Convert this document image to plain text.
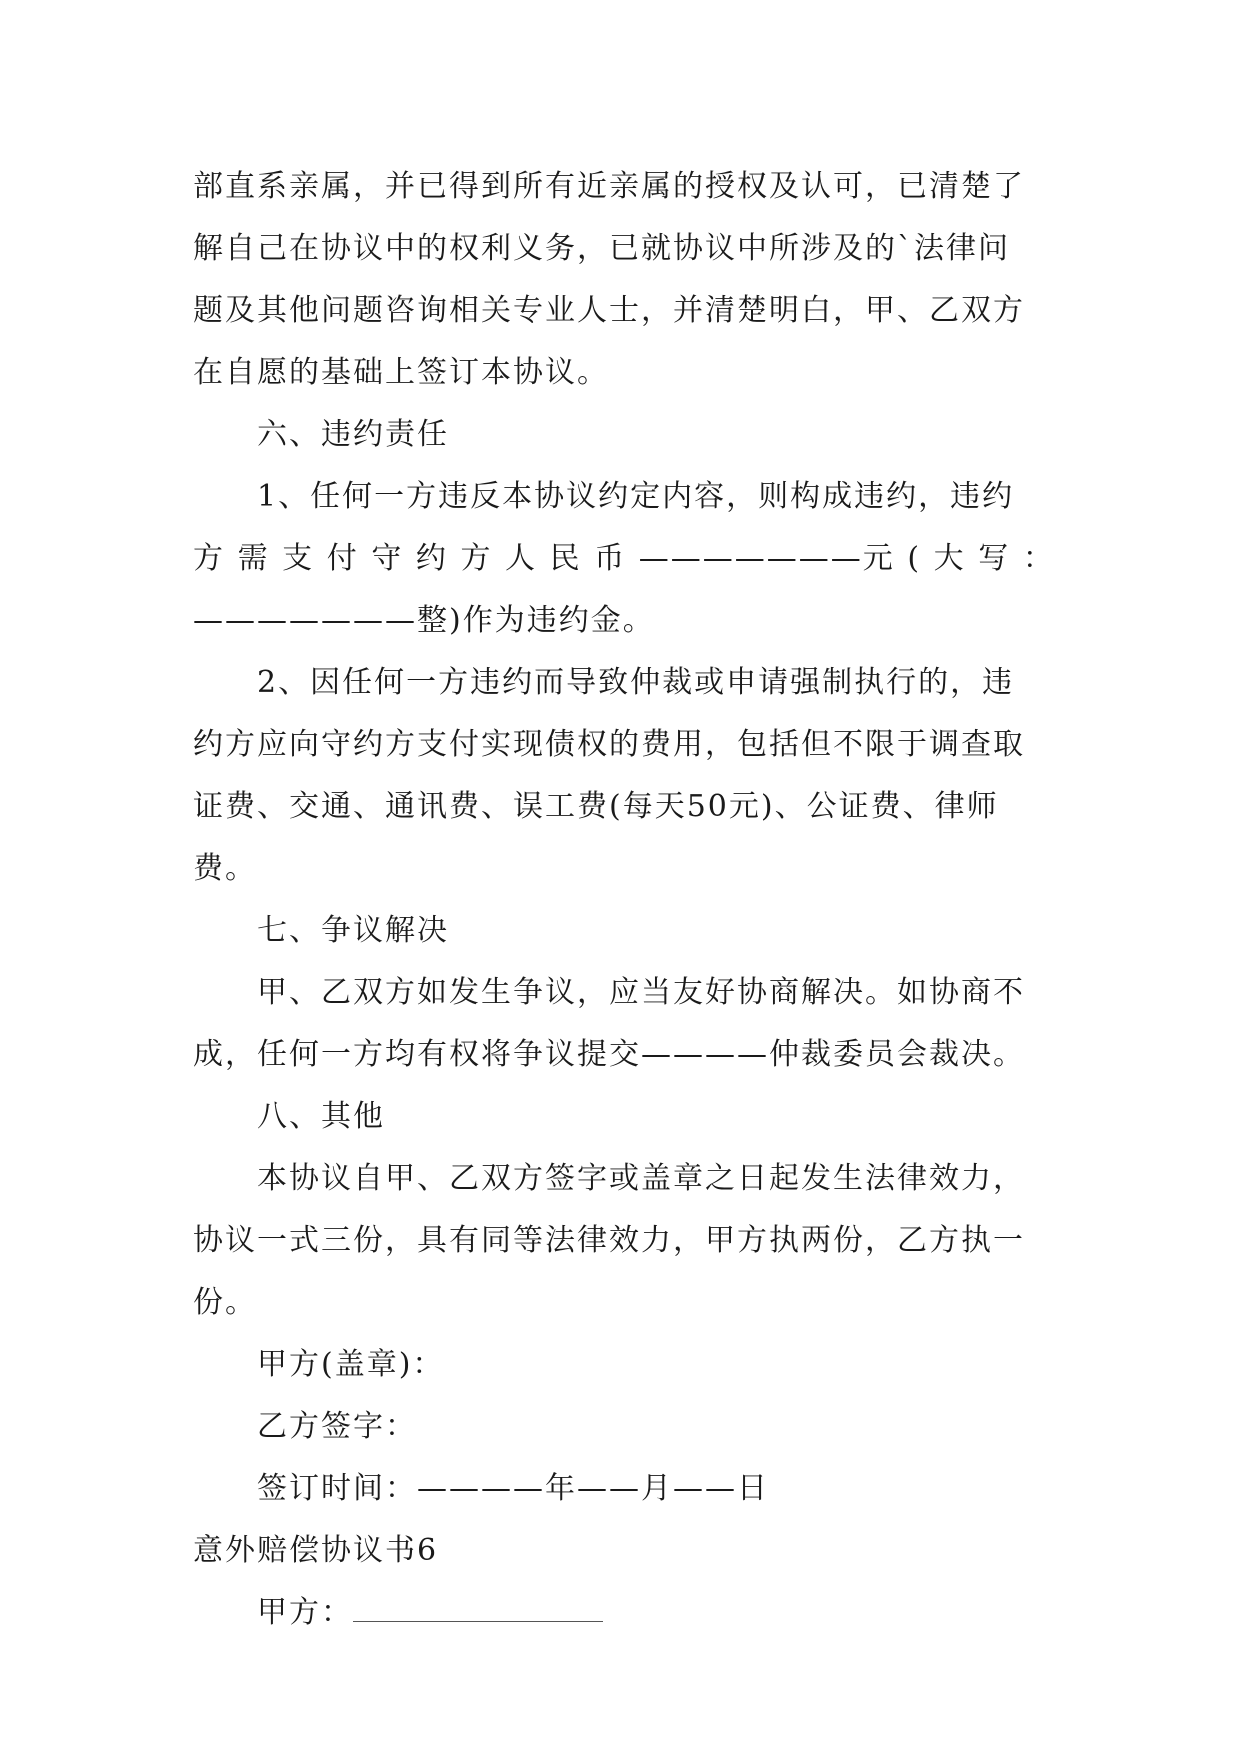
部直系亲属，并已得到所有近亲属的授权及认可，已清楚了
解自己在协议中的权利义务，已就协议中所涉及的`法律问
题及其他问题咨询相关专业人士，并清楚明白，甲、乙双方
在自愿的基础上签订本协议。

六、违约责任

1、任何一方违反本协议约定内容，则构成违约，违约
方 需 支 付 守 约 方 人 民 币 ———————元 ( 大 写 ：
———————整)作为违约金。
2、因任何一方违约而导致仲裁或申请强制执行的，违
约方应向守约方支付实现债权的费用，包括但不限于调查取
证费、交通、通讯费、误工费(每天50元)、公证费、律师
费。

七、争议解决

甲、乙双方如发生争议，应当友好协商解决。如协商不
成，任何一方均有权将争议提交————仲裁委员会裁决。

八、其他

本协议自甲、乙双方签字或盖章之日起发生法律效力，
协议一式三份，具有同等法律效力，甲方执两份，乙方执一
份。

甲方(盖章)：

乙方签字：

签订时间：————年——月——日

意外赔偿协议书6

甲方：
